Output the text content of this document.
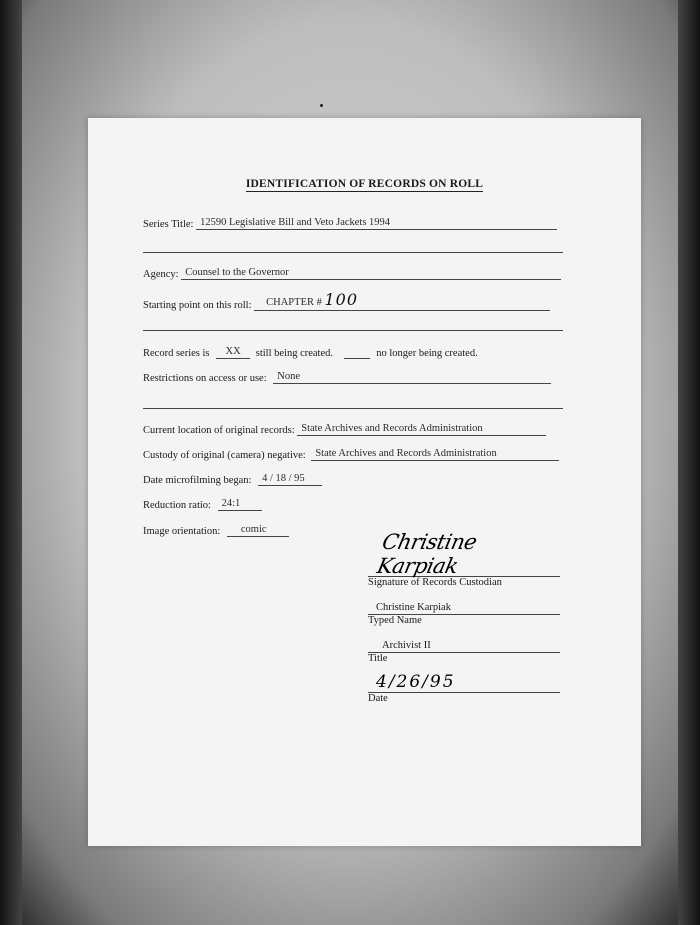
IDENTIFICATION OF RECORDS ON ROLL
Series Title: 12590 Legislative Bill and Veto Jackets 1994
Agency: Counsel to the Governor
Starting point on this roll: CHAPTER # 100
Record series is XX still being created.	no longer being created.
Restrictions on access or use: None
Current location of original records: State Archives and Records Administration
Custody of original (camera) negative: State Archives and Records Administration
Date microfilming began: 4 / 18 / 95
Reduction ratio: 24:1
Image orientation: comic
Christine Karpiak
Signature of Records Custodian
Christine Karpiak
Typed Name
Archivist II
Title
4/26/95
Date
